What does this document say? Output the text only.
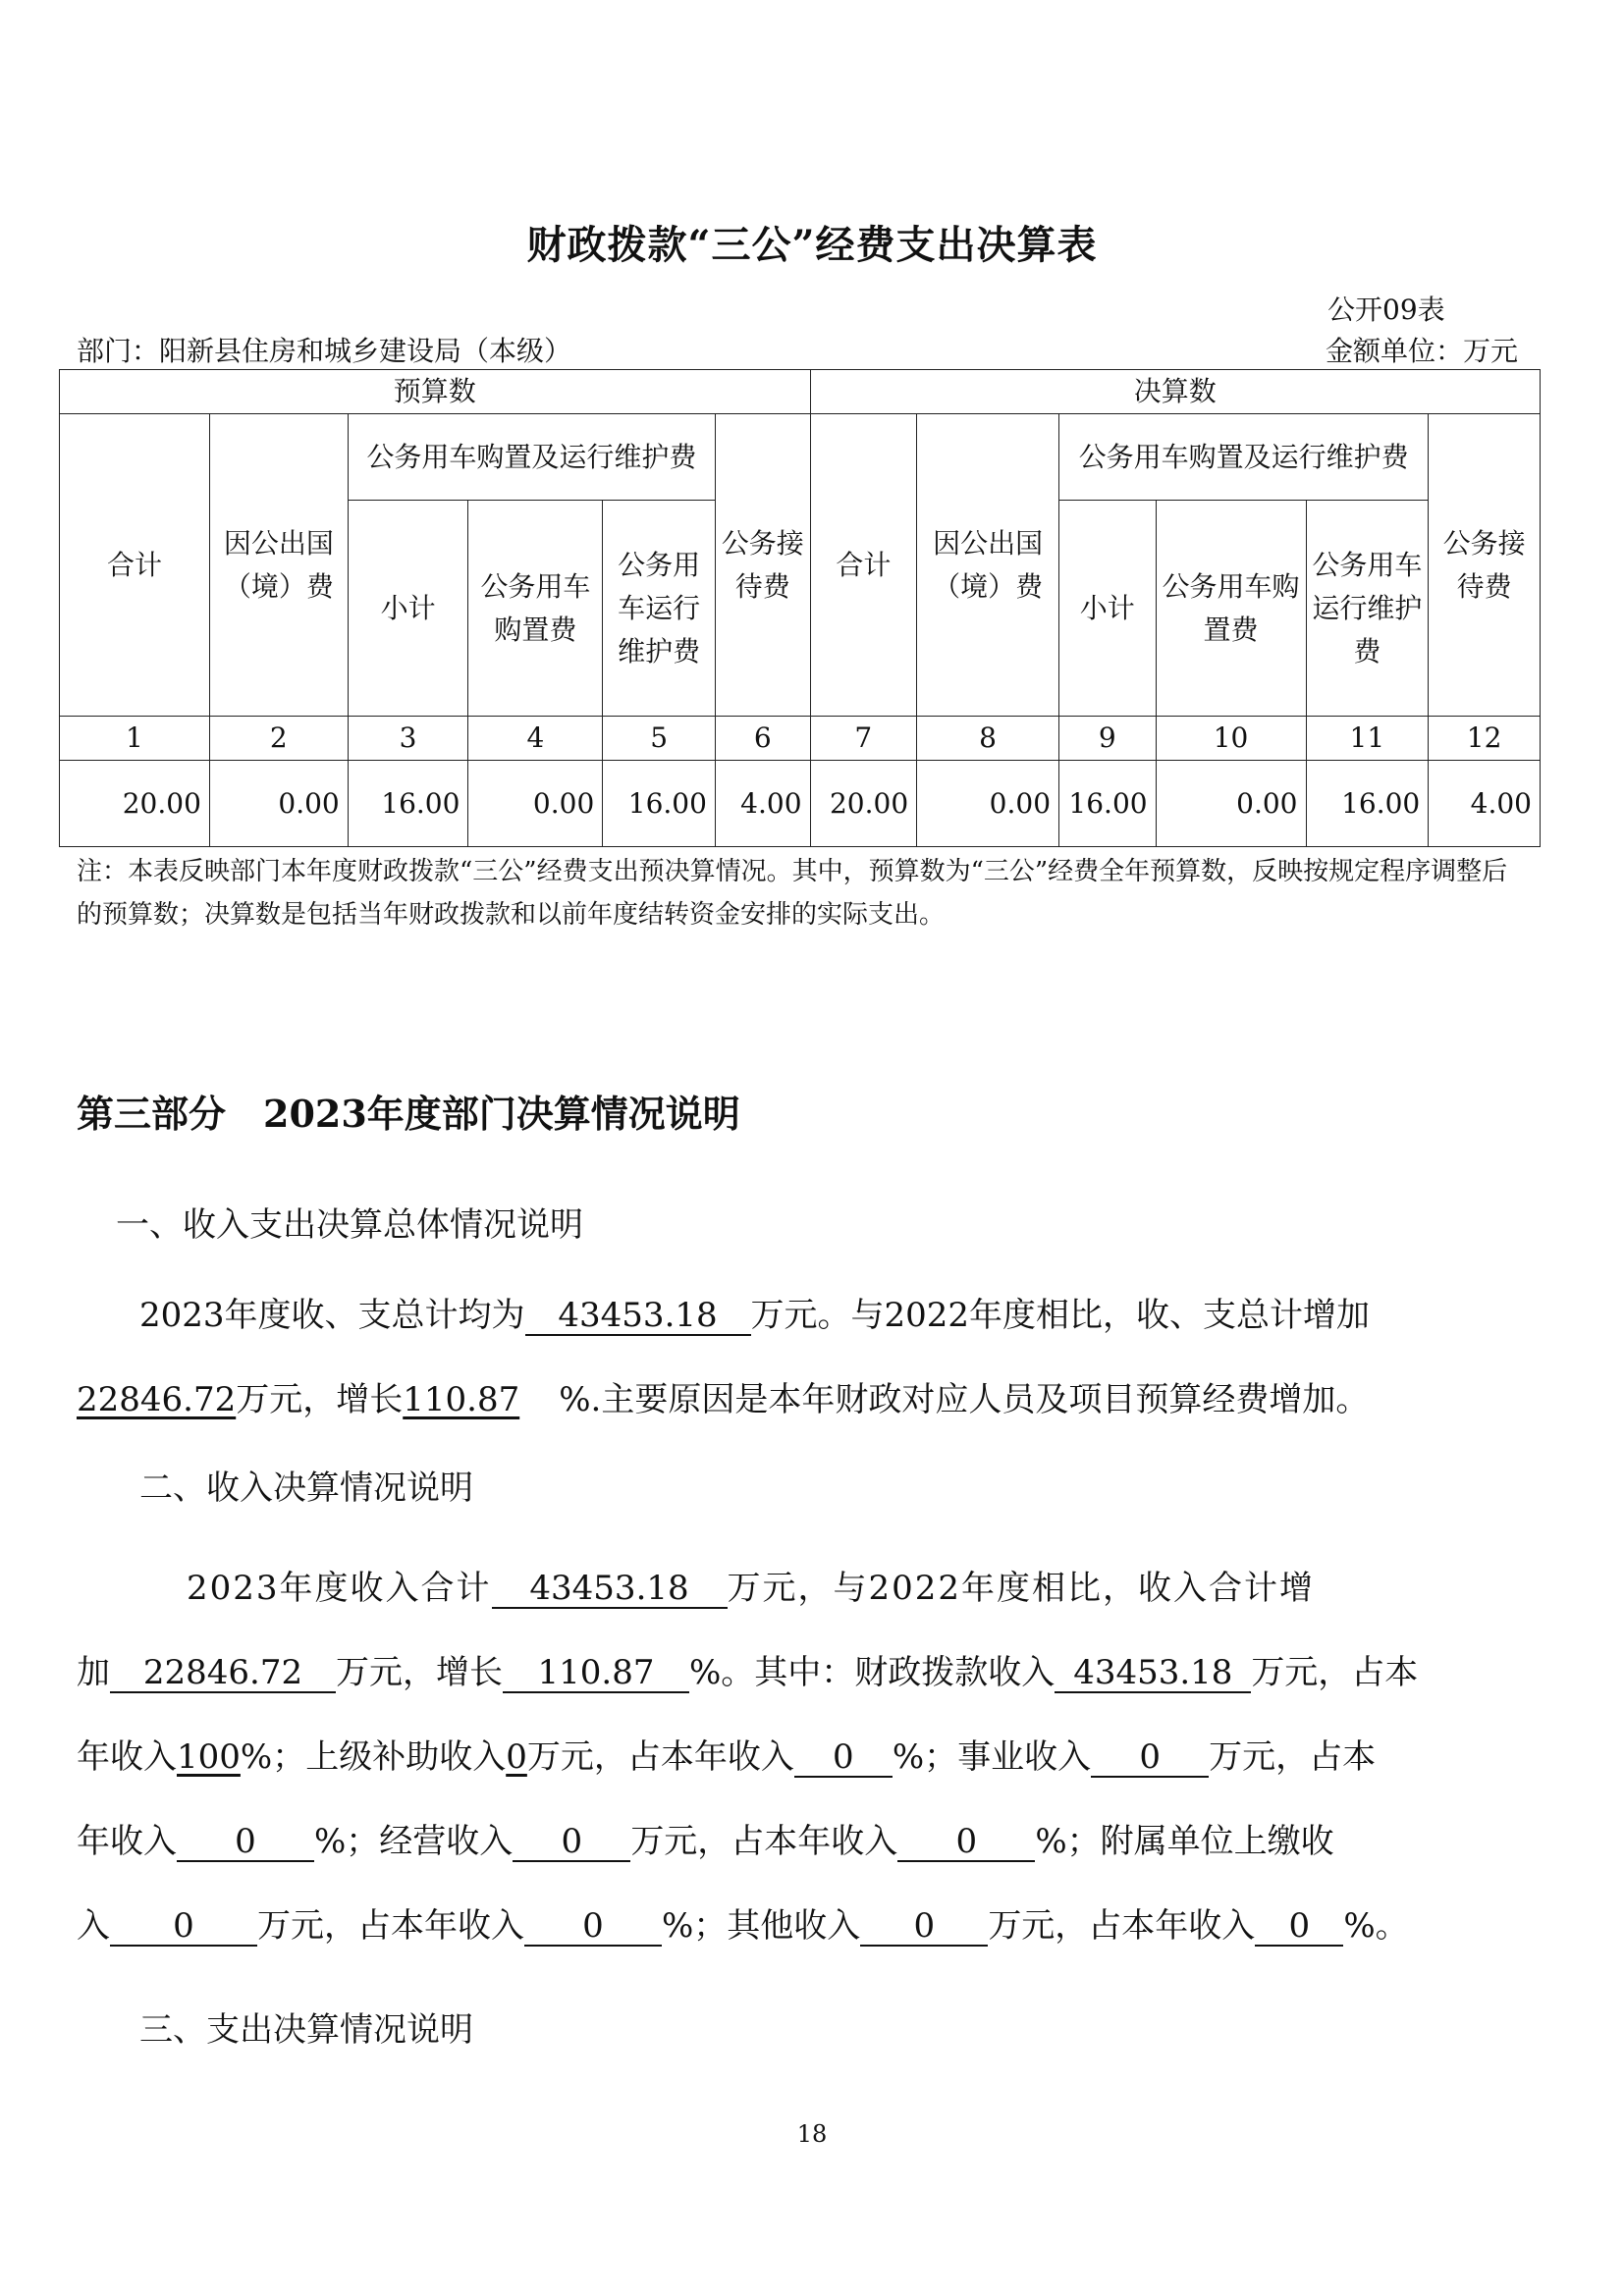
财政拨款“三公”经费支出决算表
公开09表
部门：阳新县住房和城乡建设局（本级）	金额单位：万元
预算数						决算数					
合计	因公出国（境）费	公务用车购置及运行维护费			公务接待费	合计	因公出国（境）费	公务用车购置及运行维护费			公务接待费
		小计	公务用车购置费	公务用车运行维护费				小计	公务用车购置费	公务用车运行维护费	
1	2	3	4	5	6	7	8	9	10	11	12
20.00	0.00	16.00	0.00	16.00	4.00	20.00	0.00	16.00	0.00	16.00	4.00
注：本表反映部门本年度财政拨款“三公”经费支出预决算情况。其中，预算数为“三公”经费全年预算数，反映按规定程序调整后的预算数；决算数是包括当年财政拨款和以前年度结转资金安排的实际支出。
第三部分　2023年度部门决算情况说明
一、收入支出决算总体情况说明
2023年度收、支总计均为 43453.18 万元。与2022年度相比，收、支总计增加
22846.72万元，增长110.87 %.主要原因是本年财政对应人员及项目预算经费增加。
二、收入决算情况说明
2023年度收入合计 43453.18 万元，与2022年度相比，收入合计增
加 22846.72 万元，增长 110.87 %。其中：财政拨款收入 43453.18 万元，占本
年收入100%；上级补助收入0万元，占本年收入 0 %；事业收入 0 万元，占本
年收入 0 %；经营收入 0 万元，占本年收入 0 %；附属单位上缴收
入 0 万元，占本年收入 0 %；其他收入 0 万元，占本年收入 0 %。
三、支出决算情况说明
18
